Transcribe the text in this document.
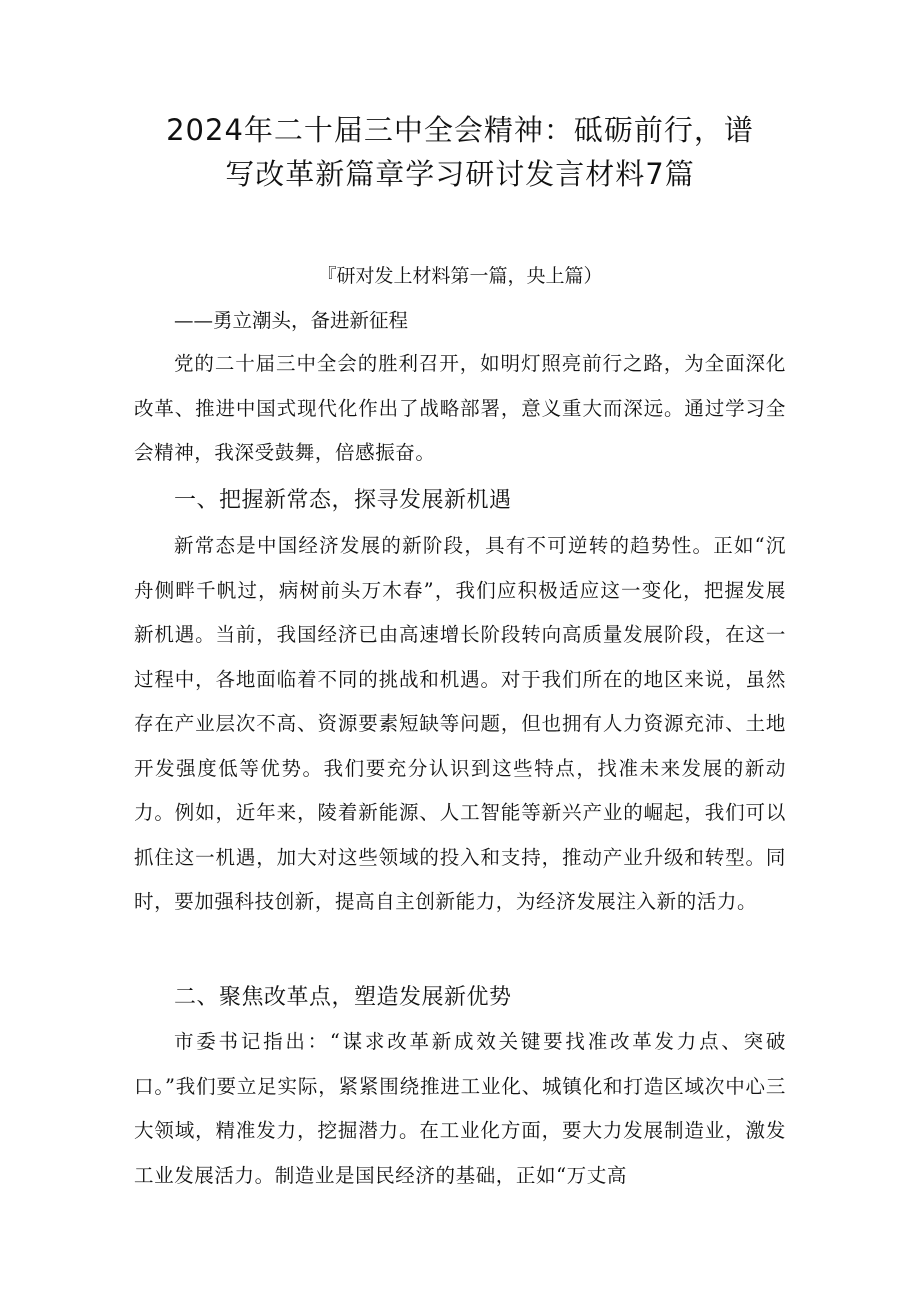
2024年二十届三中全会精神：砥砺前行，谱
写改革新篇章学习研讨发言材料7篇

『研对发上材料第一篇，央上篇）

——勇立潮头，备进新征程

党的二十届三中全会的胜利召开，如明灯照亮前行之路，为全面深化改革、推进中国式现代化作出了战略部署，意义重大而深远。通过学习全会精神，我深受鼓舞，倍感振奋。

一、把握新常态，探寻发展新机遇

新常态是中国经济发展的新阶段，具有不可逆转的趋势性。正如“沉舟侧畔千帆过，病树前头万木春”，我们应积极适应这一变化，把握发展新机遇。当前，我国经济已由高速增长阶段转向高质量发展阶段，在这一过程中，各地面临着不同的挑战和机遇。对于我们所在的地区来说，虽然存在产业层次不高、资源要素短缺等问题，但也拥有人力资源充沛、土地开发强度低等优势。我们要充分认识到这些特点，找准未来发展的新动力。例如，近年来，陵着新能源、人工智能等新兴产业的崛起，我们可以抓住这一机遇，加大对这些领域的投入和支持，推动产业升级和转型。同时，要加强科技创新，提高自主创新能力，为经济发展注入新的活力。

二、聚焦改革点，塑造发展新优势

市委书记指出：“谋求改革新成效关键要找准改革发力点、突破口。”我们要立足实际，紧紧围绕推进工业化、城镇化和打造区域次中心三大领域，精准发力，挖掘潜力。在工业化方面，要大力发展制造业，激发工业发展活力。制造业是国民经济的基础，正如“万丈高
